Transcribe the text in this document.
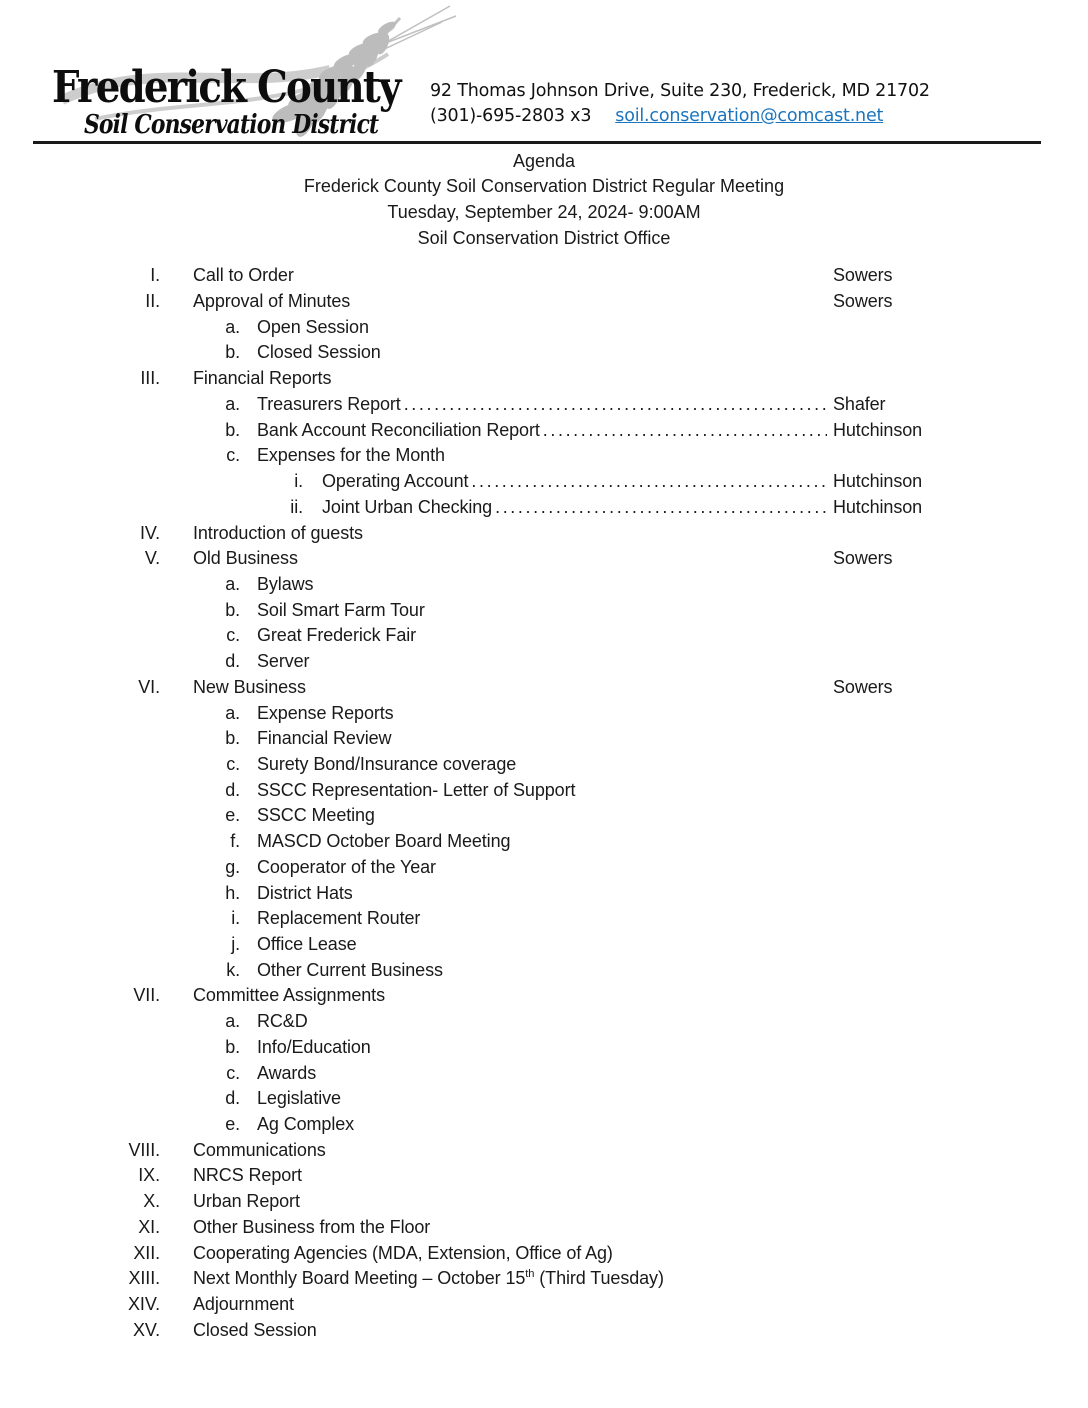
Frederick County
Soil Conservation District
92 Thomas Johnson Drive, Suite 230, Frederick, MD 21702
(301)-695-2803 x3 soil.conservation@comcast.net
Agenda
Frederick County Soil Conservation District Regular Meeting
Tuesday, September 24, 2024- 9:00AM
Soil Conservation District Office
I.	Call to Order	Sowers
II.	Approval of Minutes	Sowers
a. Open Session
b. Closed Session
III.	Financial Reports
a. Treasurers Report .....	Shafer
b. Bank Account Reconciliation Report .....	Hutchinson
c. Expenses for the Month
i.	Operating Account .....	Hutchinson
ii.	Joint Urban Checking .....	Hutchinson
IV.	Introduction of guests
V.	Old Business	Sowers
a. Bylaws
b. Soil Smart Farm Tour
c. Great Frederick Fair
d. Server
VI.	New Business	Sowers
a. Expense Reports
b. Financial Review
c. Surety Bond/Insurance coverage
d. SSCC Representation- Letter of Support
e. SSCC Meeting
f. MASCD October Board Meeting
g. Cooperator of the Year
h. District Hats
i. Replacement Router
j. Office Lease
k. Other Current Business
VII.	Committee Assignments
a. RC&D
b. Info/Education
c. Awards
d. Legislative
e. Ag Complex
VIII.	Communications
IX.	NRCS Report
X.	Urban Report
XI.	Other Business from the Floor
XII.	Cooperating Agencies (MDA, Extension, Office of Ag)
XIII.	Next Monthly Board Meeting – October 15th (Third Tuesday)
XIV.	Adjournment
XV.	Closed Session
